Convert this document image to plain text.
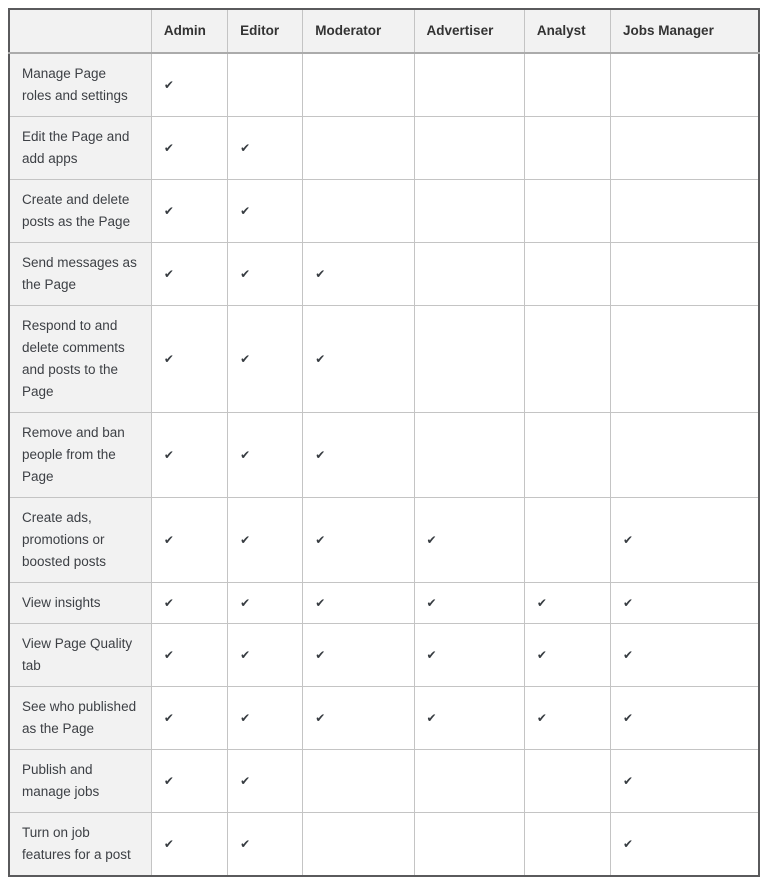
	Admin	Editor	Moderator	Advertiser	Analyst	Jobs Manager
Manage Page roles and settings	✔					
Edit the Page and add apps	✔	✔				
Create and delete posts as the Page	✔	✔				
Send messages as the Page	✔	✔	✔			
Respond to and delete comments and posts to the Page	✔	✔	✔			
Remove and ban people from the Page	✔	✔	✔			
Create ads, promotions or boosted posts	✔	✔	✔	✔		✔
View insights	✔	✔	✔	✔	✔	✔
View Page Quality tab	✔	✔	✔	✔	✔	✔
See who published as the Page	✔	✔	✔	✔	✔	✔
Publish and manage jobs	✔	✔				✔
Turn on job features for a post	✔	✔				✔
